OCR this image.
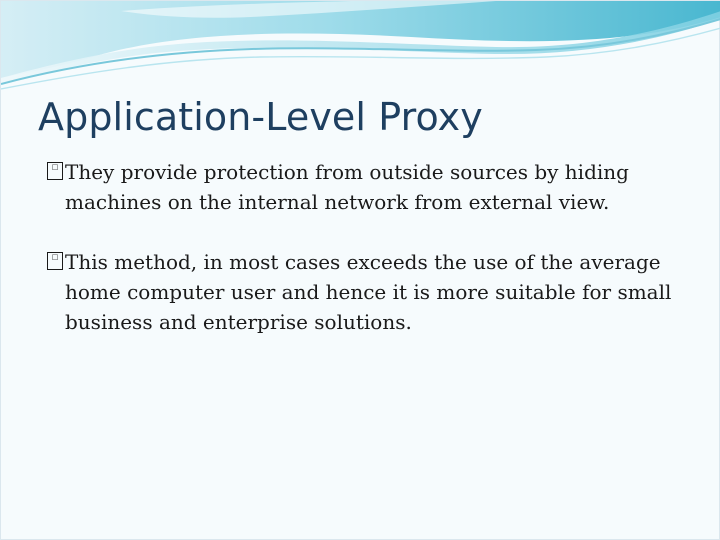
Application-Level Proxy
□ They provide protection from outside sources by hiding machines on the internal network from external view.
□ This method, in most cases exceeds the use of the average home computer user and hence it is more suitable for small business and enterprise solutions.
